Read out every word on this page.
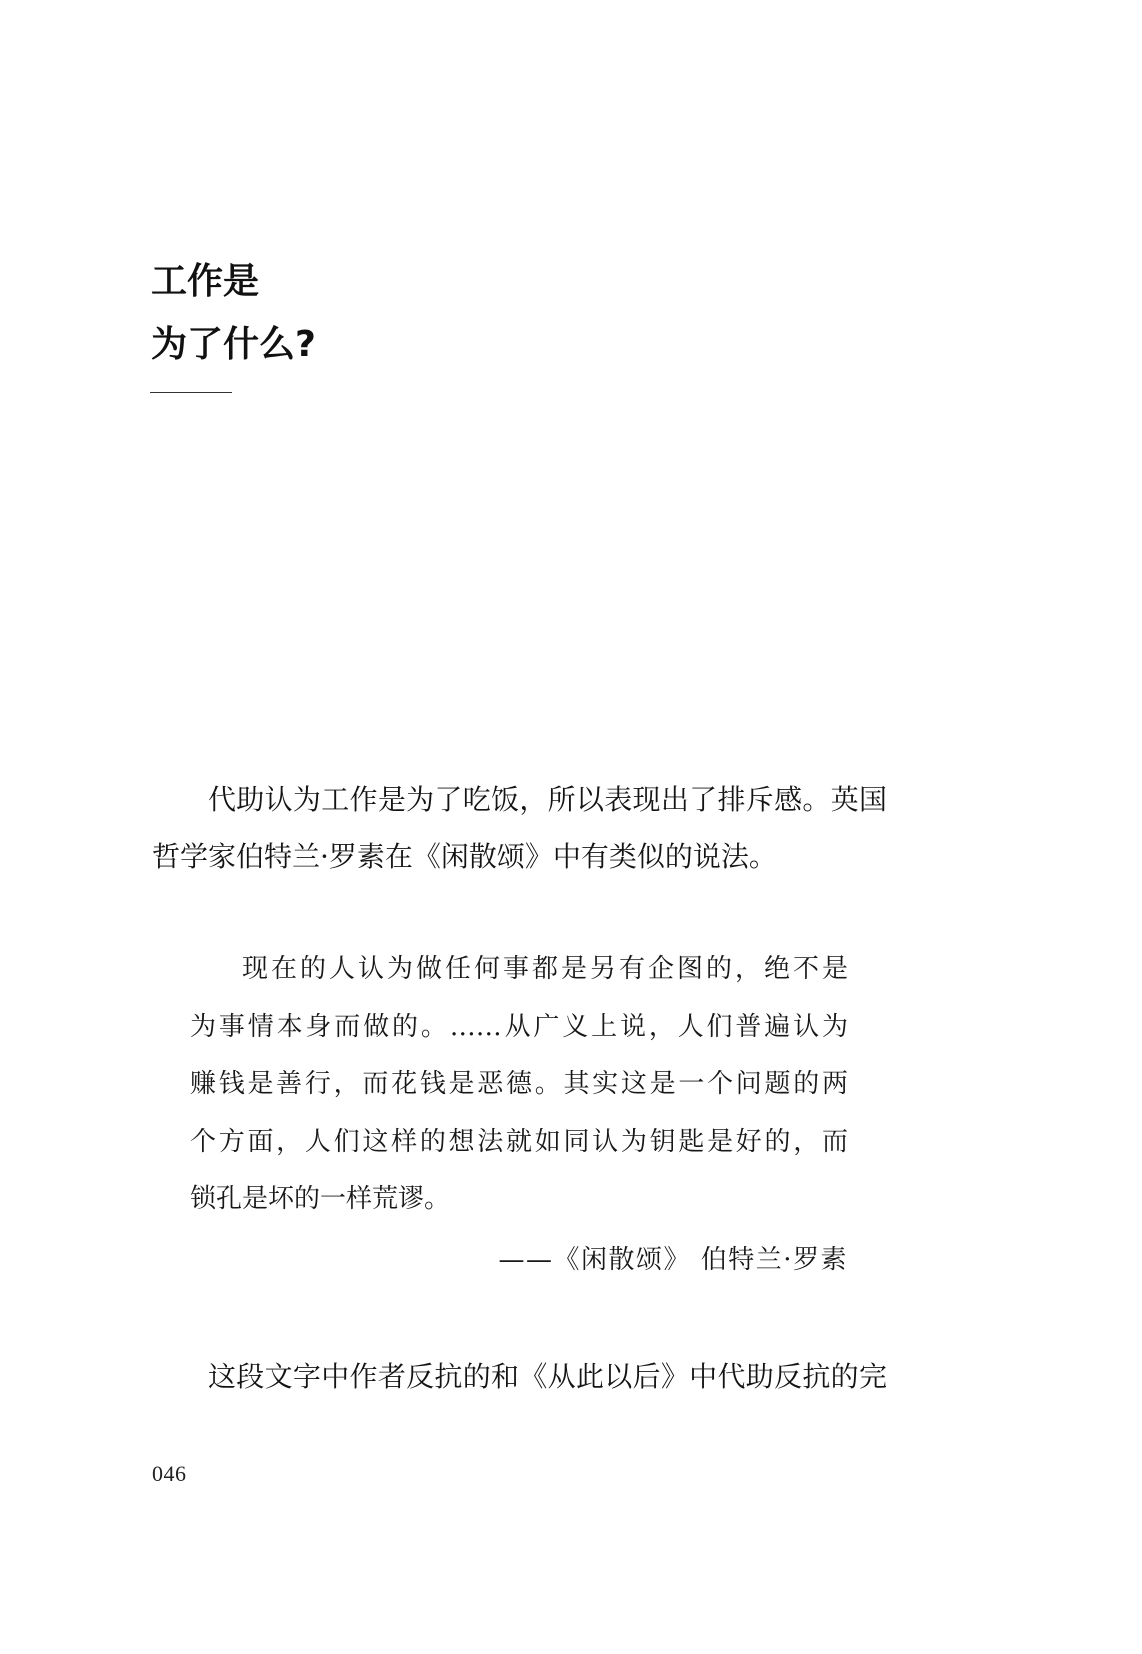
工作是
为了什么?
代助认为工作是为了吃饭，所以表现出了排斥感。英国
哲学家伯特兰·罗素在《闲散颂》中有类似的说法。
现在的人认为做任何事都是另有企图的，绝不是
为事情本身而做的。……从广义上说，人们普遍认为
赚钱是善行，而花钱是恶德。其实这是一个问题的两
个方面，人们这样的想法就如同认为钥匙是好的，而
锁孔是坏的一样荒谬。
——《闲散颂》 伯特兰·罗素
这段文字中作者反抗的和《从此以后》中代助反抗的完
046
